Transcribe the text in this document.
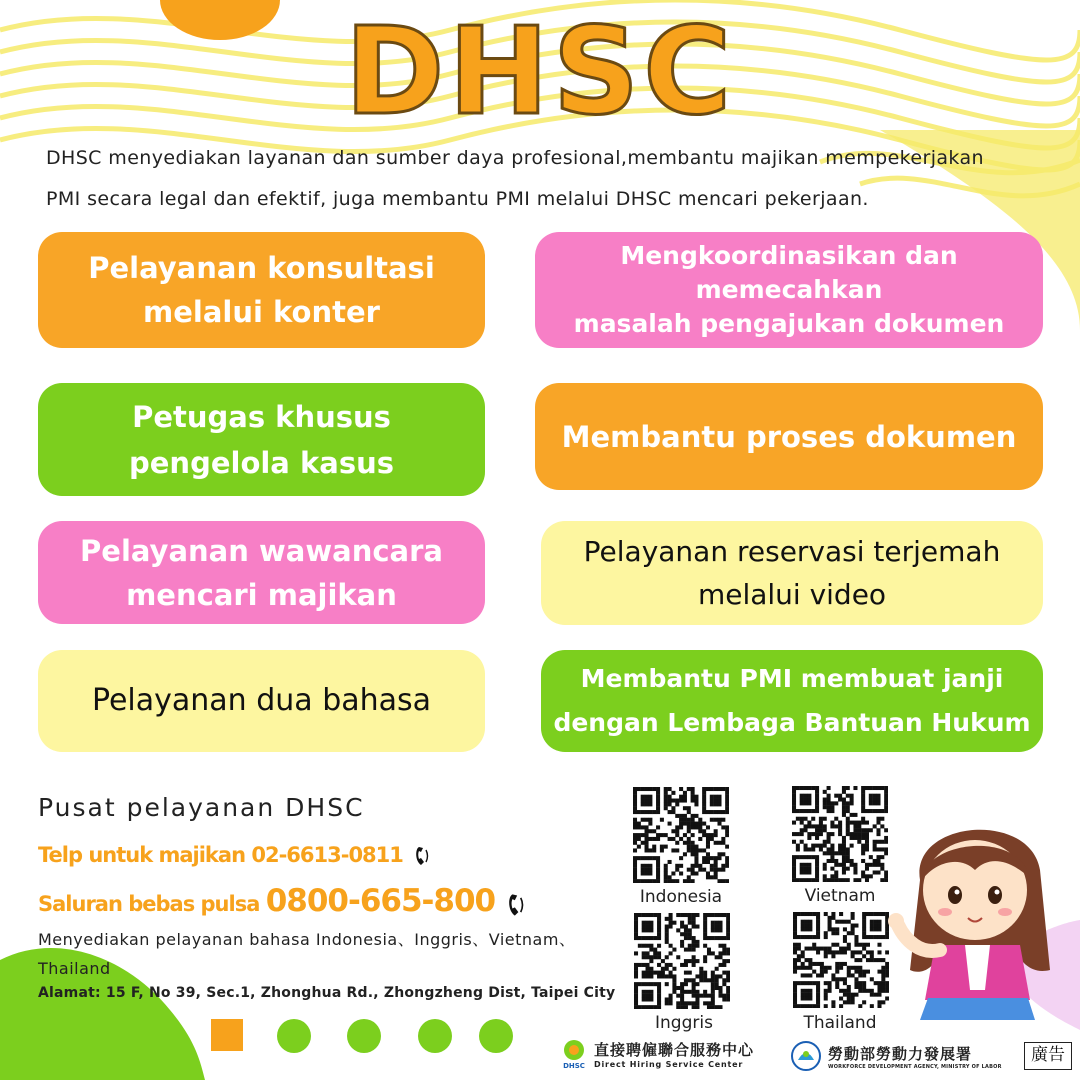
DHSC

DHSC menyediakan layanan dan sumber daya profesional,membantu majikan mempekerjakan

PMI secara legal dan efektif, juga membantu PMI melalui DHSC mencari pekerjaan.

Pelayanan konsultasi
melalui konter
Mengkoordinasikan dan memecahkan
masalah pengajukan dokumen
Petugas khusus
pengelola kasus
Membantu proses dokumen
Pelayanan wawancara
mencari majikan
Pelayanan reservasi terjemah
melalui video
Pelayanan dua bahasa
Membantu PMI membuat janji
dengan Lembaga Bantuan Hukum
Pusat pelayanan DHSC
Telp untuk majikan 02-6613-0811
Saluran bebas pulsa 0800-665-800
Menyediakan pelayanan bahasa Indonesia、Inggris、Vietnam、Thailand
Alamat: 15 F, No 39, Sec.1, Zhonghua Rd., Zhongzheng Dist, Taipei City
Indonesia	Vietnam
Inggris	Thailand
DHSC
直接聘僱聯合服務中心
Direct Hiring Service Center
勞動部勞動力發展署
WORKFORCE DEVELOPMENT AGENCY, MINISTRY OF LABOR
廣告
